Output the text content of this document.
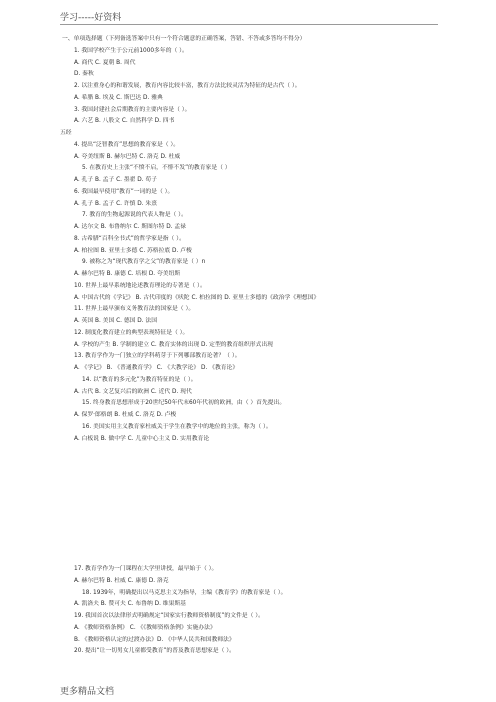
学习-----好资料
一、单项选择题（下列备选答案中只有一个符合题意的正确答案，答错、不答或多答均不得分）
1. 我国学校产生于公元前1000多年的（ ）。
A. 商代 C. 夏朝 B. 周代
D. 秦秋
2. 以注重身心的和谐发展，教育内容比较丰富，教育方法比较灵活为特征的是古代（ ）。
A. 希腊 B. 埃及 C. 斯巴达 D. 雅典
3. 我国封建社会后期教育的主要内容是（ ）。
A. 六艺 B. 八股文 C. 自然科学 D. 四书
五经
4. 提出“泛智教育”思想的教育家是（ ）。
A. 夸美纽斯 B. 赫尔巴特 C. 洛克 D. 杜威
5. 在教育史上主张“不愤不启，不悱不发”的教育家是（ ）
A. 孔子 B. 孟子 C. 墨翟 D. 荀子
6. 我国最早使用“教育”一词的是（ ）。
A. 孔子 B. 孟子 C. 许慎 D. 朱熹
7. 教育的生物起源说的代表人物是（ ）。
A. 达尔文 B. 布鲁纳尔 C. 斯图尔特 D. 孟禄
8. 古希腊“百科全书式”的哲学家是指（ ）。
A. 柏拉图 B. 亚里士多德 C. 苏格拉底 D. 卢梭
9. 被称之为“现代教育学之父”的教育家是（ ）n
A. 赫尔巴特 B. 康德 C. 培根 D. 夸美纽斯
10. 世界上最早系统地论述教育理论的专著是（ ）。
A. 中国古代的《学记》 B. 古代印度的《吠陀 C. 柏拉图的 D. 亚里士多德的《政治学《理想国》
11. 世界上最早颁布义务教育法的国家是（ ）。
A. 英国 B. 美国 C. 德国 D. 法国
12. 制度化教育建立的典型表现特征是（ ）。
A. 学校的产生 B. 学制的建立 C. 教育实体的出现 D. 定型的教育组织形式出现
13. 教育学作为一门独立的学科萌芽于下列哪部教育论著？（ ）。
A. 《学记》 B. 《普通教育学》 C. 《大教学论》 D. 《教育论》
14. 以“教育的多元化”为教育特征的是（ ）。
A. 古代 B. 文艺复兴后的欧洲 C. 近代 D. 现代
15. 终身教育思想形成于20世纪50年代末60年代初的欧洲，由（ ）首先提出。
A. 保罗·郎格朗 B. 杜威 C. 洛克 D. 卢梭
16. 美国实用主义教育家杜威关于学生在教学中的地位的主张，称为（ ）。
A. 白板说 B. 做中学 C. 儿童中心主义 D. 实用教育论
17. 教育学作为一门课程在大学里讲授，最早始于（ ）。
A. 赫尔巴特 B. 杜威 C. 康德 D. 洛克
18. 1939年，明确提出以马克思主义为指导，主编《教育学》的教育家是（ ）。
A. 凯洛夫 B. 赞可夫 C. 布鲁纳 D. 维果斯基
19. 我国首次以法律形式明确规定“国家实行教师资格制度”的文件是（ ）。
A. 《教师资格条例》 C. 《《教师资格条例》实施办法》
B. 《教师资格认定的过渡办法》D. 《中华人民共和国教师法》
20. 提出“让一切男女儿童都受教育”的普及教育思想家是（ ）。
更多精品文档
